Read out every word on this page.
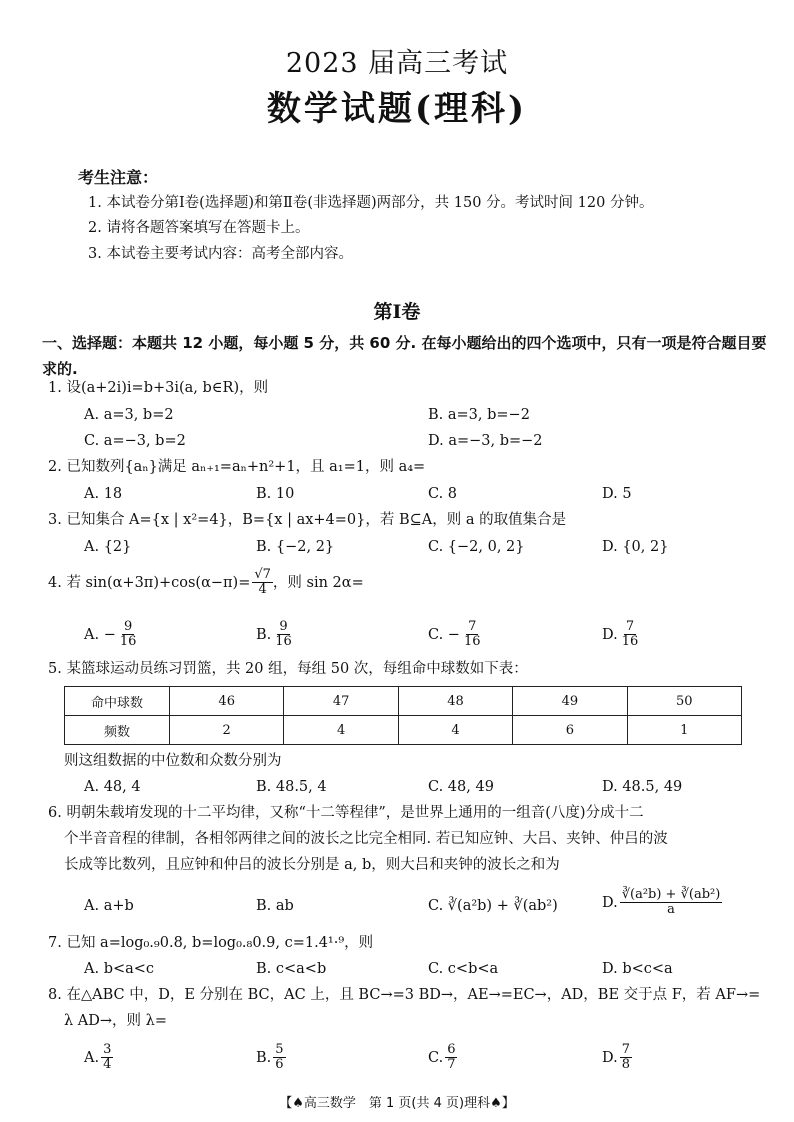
2023 届高三考试
数学试题(理科)
考生注意：
1. 本试卷分第Ⅰ卷(选择题)和第Ⅱ卷(非选择题)两部分，共 150 分。考试时间 120 分钟。
2. 请将各题答案填写在答题卡上。
3. 本试卷主要考试内容：高考全部内容。
第Ⅰ卷
一、选择题：本题共 12 小题，每小题 5 分，共 60 分. 在每小题给出的四个选项中，只有一项是符合题目要求的.
1. 设(a+2i)i=b+3i(a, b∈R)，则
A. a=3, b=2	B. a=3, b=−2
C. a=−3, b=2	D. a=−3, b=−2
2. 已知数列{aₙ}满足 aₙ₊₁=aₙ+n²+1，且 a₁=1，则 a₄=
A. 18	B. 10	C. 8	D. 5
3. 已知集合 A={x | x²=4}，B={x | ax+4=0}，若 B⊆A，则 a 的取值集合是
A. {2}	B. {−2, 2}	C. {−2, 0, 2}	D. {0, 2}
4. 若 $\sin(\alpha+3\pi)+\cos(\alpha-\pi)= \frac{√7}{4}$ ，则 sin 2α=
A. − $\frac{9}{16}$	B. $\frac{9}{16}$	C. − $\frac{7}{16}$	D. $\frac{7}{16}$
5. 某篮球运动员练习罚篮，共 20 组，每组 50 次，每组命中球数如下表：
命中球数	46	47	48	49	50
频数	2	4	4	6	1
则这组数据的中位数和众数分别为
A. 48, 4	B. 48.5, 4	C. 48, 49	D. 48.5, 49
6. 明朝朱载堉发现的十二平均律，又称“十二等程律”，是世界上通用的一组音(八度)分成十二
个半音音程的律制，各相邻两律之间的波长之比完全相同. 若已知应钟、大吕、夹钟、仲吕的波
长成等比数列，且应钟和仲吕的波长分别是 a, b，则大吕和夹钟的波长之和为
A. a+b	B. ab	C. ∛(a²b) + ∛(ab²)	D. $\frac{\text{∛(a²b) + ∛(ab²)}}{a}$
7. 已知 a=log₀.₉0.8, b=log₀.₈0.9, c=1.4¹·⁹，则
A. b<a<c	B. c<a<b	C. c<b<a	D. b<c<a
8. 在△ABC 中，D，E 分别在 BC，AC 上，且 BC→=3 BD→，AE→=EC→，AD，BE 交于点 F，若 AF→=
λ AD→，则 λ=
A. $\frac{3}{4}$	B. $\frac{5}{6}$	C. $\frac{6}{7}$	D. $\frac{7}{8}$
【♠高三数学　第 1 页(共 4 页)理科♠】
